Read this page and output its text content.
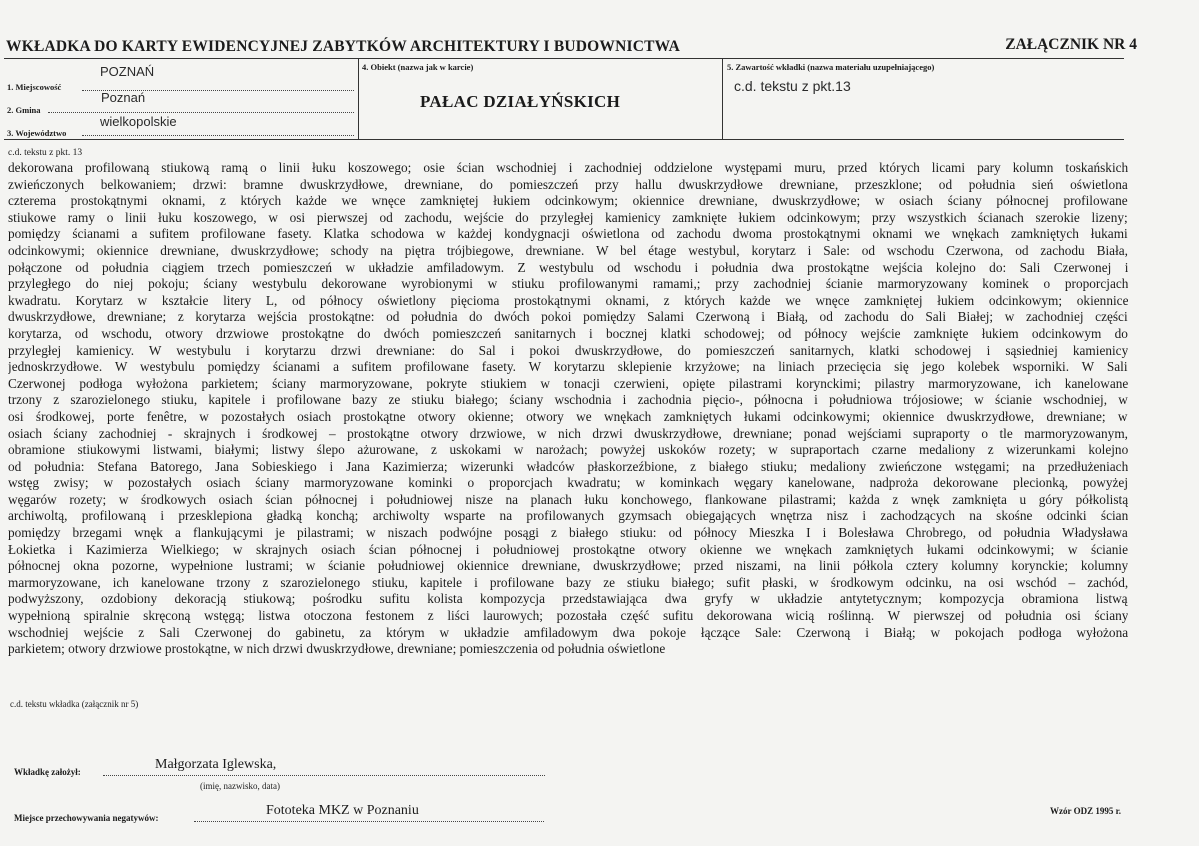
WKŁADKA DO KARTY EWIDENCYJNEJ ZABYTKÓW ARCHITEKTURY I BUDOWNICTWA	ZAŁĄCZNIK NR 4
POZNAŃ
1. Miejscowość
Poznań
2. Gmina
wielkopolskie
3. Województwo
4. Obiekt (nazwa jak w karcie)
PAŁAC DZIAŁYŃSKICH
5. Zawartość wkładki (nazwa materiału uzupełniającego)
c.d. tekstu z pkt.13
c.d. tekstu z pkt. 13
dekorowana profilowaną stiukową ramą o linii łuku koszowego; osie ścian wschodniej i zachodniej oddzielone występami muru, przed których licami pary kolumn toskańskich
zwieńczonych belkowaniem; drzwi: bramne dwuskrzydłowe, drewniane, do pomieszczeń przy hallu dwuskrzydłowe drewniane, przeszklone; od południa sień oświetlona
czterema prostokątnymi oknami, z których każde we wnęce zamkniętej łukiem odcinkowym; okiennice drewniane, dwuskrzydłowe; w osiach ściany północnej profilowane
stiukowe ramy o linii łuku koszowego, w osi pierwszej od zachodu, wejście do przyległej kamienicy zamknięte łukiem odcinkowym; przy wszystkich ścianach szerokie lizeny;
pomiędzy ścianami a sufitem profilowane fasety. Klatka schodowa w każdej kondygnacji oświetlona od zachodu dwoma prostokątnymi oknami we wnękach zamkniętych łukami
odcinkowymi; okiennice drewniane, dwuskrzydłowe; schody na piętra trójbiegowe, drewniane. W bel étage westybul, korytarz i Sale: od wschodu Czerwona, od zachodu Biała,
połączone od południa ciągiem trzech pomieszczeń w układzie amfiladowym. Z westybulu od wschodu i południa dwa prostokątne wejścia kolejno do: Sali Czerwonej i
przyległego do niej pokoju; ściany westybulu dekorowane wyrobionymi w stiuku profilowanymi ramami,; przy zachodniej ścianie marmoryzowany kominek o proporcjach
kwadratu. Korytarz w kształcie litery L, od północy oświetlony pięcioma prostokątnymi oknami, z których każde we wnęce zamkniętej łukiem odcinkowym; okiennice
dwuskrzydłowe, drewniane; z korytarza wejścia prostokątne: od południa do dwóch pokoi pomiędzy Salami Czerwoną i Białą, od zachodu do Sali Białej; w zachodniej części
korytarza, od wschodu, otwory drzwiowe prostokątne do dwóch pomieszczeń sanitarnych i bocznej klatki schodowej; od północy wejście zamknięte łukiem odcinkowym do
przyległej kamienicy. W westybulu i korytarzu drzwi drewniane: do Sal i pokoi dwuskrzydłowe, do pomieszczeń sanitarnych, klatki schodowej i sąsiedniej kamienicy
jednoskrzydłowe. W westybulu pomiędzy ścianami a sufitem profilowane fasety. W korytarzu sklepienie krzyżowe; na liniach przecięcia się jego kolebek wsporniki. W Sali
Czerwonej podłoga wyłożona parkietem; ściany marmoryzowane, pokryte stiukiem w tonacji czerwieni, opięte pilastrami korynckimi; pilastry marmoryzowane, ich kanelowane
trzony z szarozielonego stiuku, kapitele i profilowane bazy ze stiuku białego; ściany wschodnia i zachodnia pięcio-, północna i południowa trójosiowe; w ścianie wschodniej, w
osi środkowej, porte fenêtre, w pozostałych osiach prostokątne otwory okienne; otwory we wnękach zamkniętych łukami odcinkowymi; okiennice dwuskrzydłowe, drewniane; w
osiach ściany zachodniej - skrajnych i środkowej – prostokątne otwory drzwiowe, w nich drzwi dwuskrzydłowe, drewniane; ponad wejściami supraporty o tle marmoryzowanym,
obramione stiukowymi listwami, białymi; listwy ślepo ażurowane, z uskokami w narożach; powyżej uskoków rozety; w supraportach czarne medaliony z wizerunkami kolejno
od południa: Stefana Batorego, Jana Sobieskiego i Jana Kazimierza; wizerunki władców płaskorzeźbione, z białego stiuku; medaliony zwieńczone wstęgami; na przedłużeniach
wstęg zwisy; w pozostałych osiach ściany marmoryzowane kominki o proporcjach kwadratu; w kominkach węgary kanelowane, nadproża dekorowane plecionką, powyżej
węgarów rozety; w środkowych osiach ścian północnej i południowej nisze na planach łuku konchowego, flankowane pilastrami; każda z wnęk zamknięta u góry półkolistą
archiwoltą, profilowaną i przesklepiona gładką konchą; archiwolty wsparte na profilowanych gzymsach obiegających wnętrza nisz i zachodzących na skośne odcinki ścian
pomiędzy brzegami wnęk a flankującymi je pilastrami; w niszach podwójne posągi z białego stiuku: od północy Mieszka I i Bolesława Chrobrego, od południa Władysława
Łokietka i Kazimierza Wielkiego; w skrajnych osiach ścian północnej i południowej prostokątne otwory okienne we wnękach zamkniętych łukami odcinkowymi; w ścianie
północnej okna pozorne, wypełnione lustrami; w ścianie południowej okiennice drewniane, dwuskrzydłowe; przed niszami, na linii półkola cztery kolumny korynckie; kolumny
marmoryzowane, ich kanelowane trzony z szarozielonego stiuku, kapitele i profilowane bazy ze stiuku białego; sufit płaski, w środkowym odcinku, na osi wschód – zachód,
podwyższony, ozdobiony dekoracją stiukową; pośrodku sufitu kolista kompozycja przedstawiająca dwa gryfy w układzie antytetycznym; kompozycja obramiona listwą
wypełnioną spiralnie skręconą wstęgą; listwa otoczona festonem z liści laurowych; pozostała część sufitu dekorowana wicią roślinną. W pierwszej od południa osi ściany
wschodniej wejście z Sali Czerwonej do gabinetu, za którym w układzie amfiladowym dwa pokoje łączące Sale: Czerwoną i Białą; w pokojach podłoga wyłożona
parkietem; otwory drzwiowe prostokątne, w nich drzwi dwuskrzydłowe, drewniane; pomieszczenia od południa oświetlone
c.d. tekstu wkładka (załącznik nr 5)
Małgorzata Iglewska,
Wkładkę założył:
(imię, nazwisko, data)
Fototeka MKZ w Poznaniu
Miejsce przechowywania negatywów:
Wzór ODZ 1995 r.
